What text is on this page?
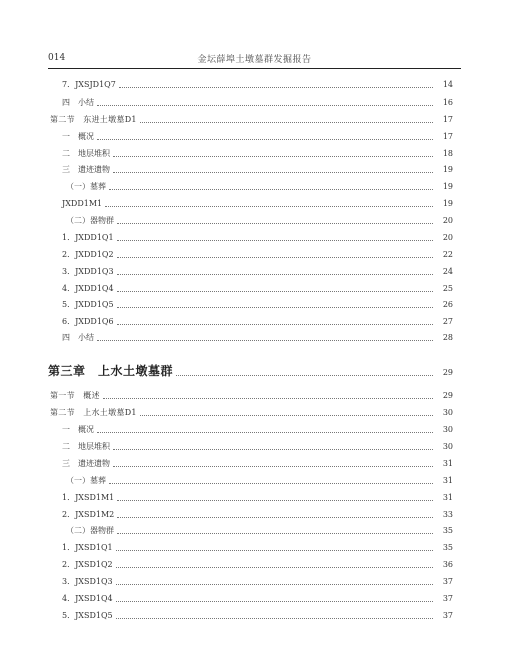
014	金坛薛埠土墩墓群发掘报告
7．JXSJD1Q7	14
四　小结	16
第二节　东进土墩墓D1	17
一　概况	17
二　地层堆积	18
三　遗迹遗物	19
（一）墓葬	19
JXDD1M1	19
（二）器物群	20
1．JXDD1Q1	20
2．JXDD1Q2	22
3．JXDD1Q3	24
4．JXDD1Q4	25
5．JXDD1Q5	26
6．JXDD1Q6	27
四　小结	28
第三章　上水土墩墓群	29
第一节　概述	29
第二节　上水土墩墓D1	30
一　概况	30
二　地层堆积	30
三　遗迹遗物	31
（一）墓葬	31
1．JXSD1M1	31
2．JXSD1M2	33
（二）器物群	35
1．JXSD1Q1	35
2．JXSD1Q2	36
3．JXSD1Q3	37
4．JXSD1Q4	37
5．JXSD1Q5	37
